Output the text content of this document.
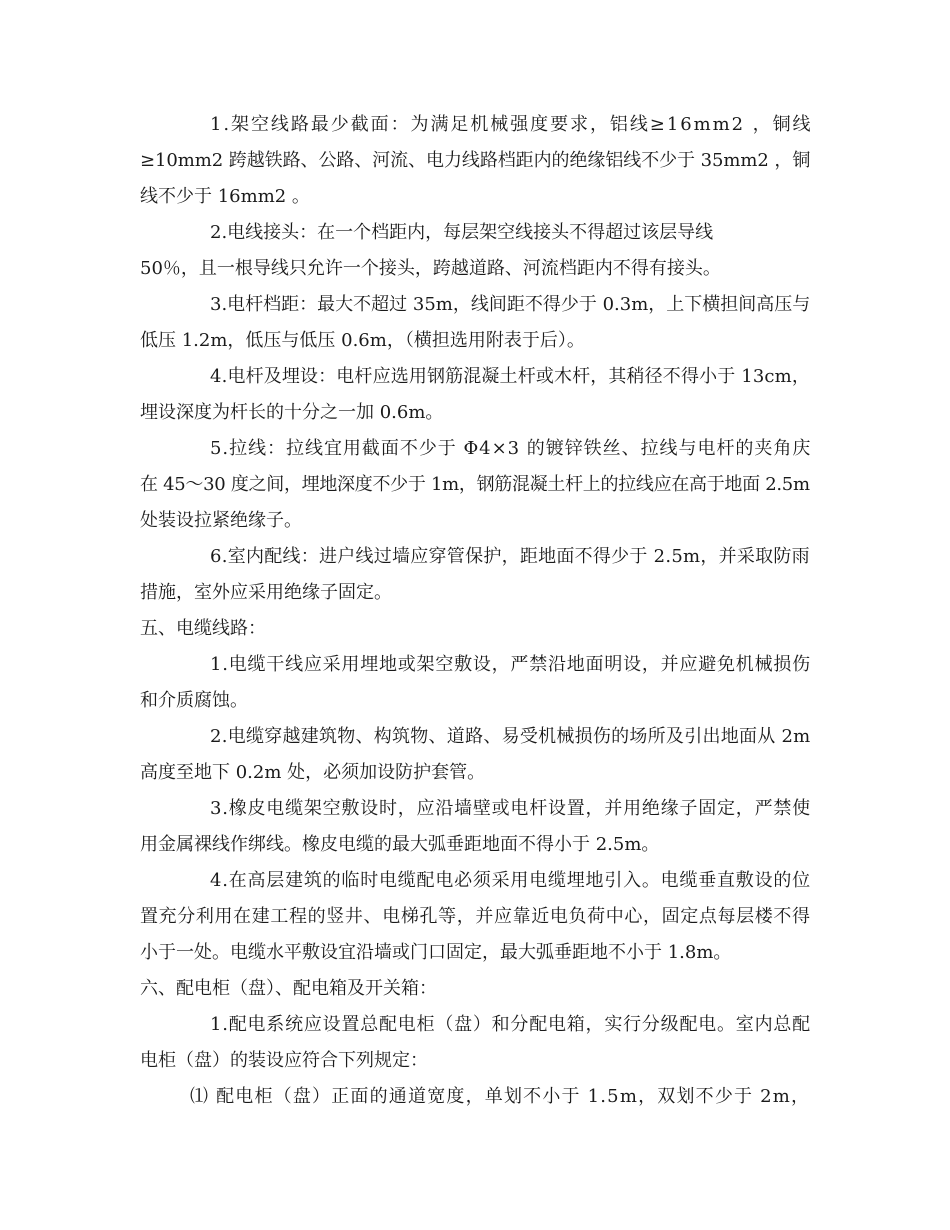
1.架空线路最少截面：为满足机械强度要求，铝线≥16mm2 ，铜线

≥10mm2 跨越铁路、公路、河流、电力线路档距内的绝缘铝线不少于 35mm2 ，铜

线不少于 16mm2 。

2.电线接头：在一个档距内，每层架空线接头不得超过该层导线

50％，且一根导线只允许一个接头，跨越道路、河流档距内不得有接头。

3.电杆档距：最大不超过 35m，线间距不得少于 0.3m，上下横担间高压与

低压 1.2m，低压与低压 0.6m，（横担选用附表于后）。

4.电杆及埋设：电杆应选用钢筋混凝土杆或木杆，其稍径不得小于 13cm，

埋设深度为杆长的十分之一加 0.6m。

5.拉线：拉线宜用截面不少于 Φ4×3 的镀锌铁丝、拉线与电杆的夹角庆

在 45～30 度之间，埋地深度不少于 1m，钢筋混凝土杆上的拉线应在高于地面 2.5m

处装设拉紧绝缘子。

6.室内配线：进户线过墙应穿管保护，距地面不得少于 2.5m，并采取防雨

措施，室外应采用绝缘子固定。

五、电缆线路：

1.电缆干线应采用埋地或架空敷设，严禁沿地面明设，并应避免机械损伤

和介质腐蚀。

2.电缆穿越建筑物、构筑物、道路、易受机械损伤的场所及引出地面从 2m

高度至地下 0.2m 处，必须加设防护套管。

3.橡皮电缆架空敷设时，应沿墙壁或电杆设置，并用绝缘子固定，严禁使

用金属裸线作绑线。橡皮电缆的最大弧垂距地面不得小于 2.5m。

4.在高层建筑的临时电缆配电必须采用电缆埋地引入。电缆垂直敷设的位

置充分利用在建工程的竖井、电梯孔等，并应靠近电负荷中心，固定点每层楼不得

小于一处。电缆水平敷设宜沿墙或门口固定，最大弧垂距地不小于 1.8m。

六、配电柜（盘）、配电箱及开关箱：

1.配电系统应设置总配电柜（盘）和分配电箱，实行分级配电。室内总配

电柜（盘）的装设应符合下列规定：

⑴ 配电柜（盘）正面的通道宽度，单划不小于 1.5m，双划不少于 2m，
